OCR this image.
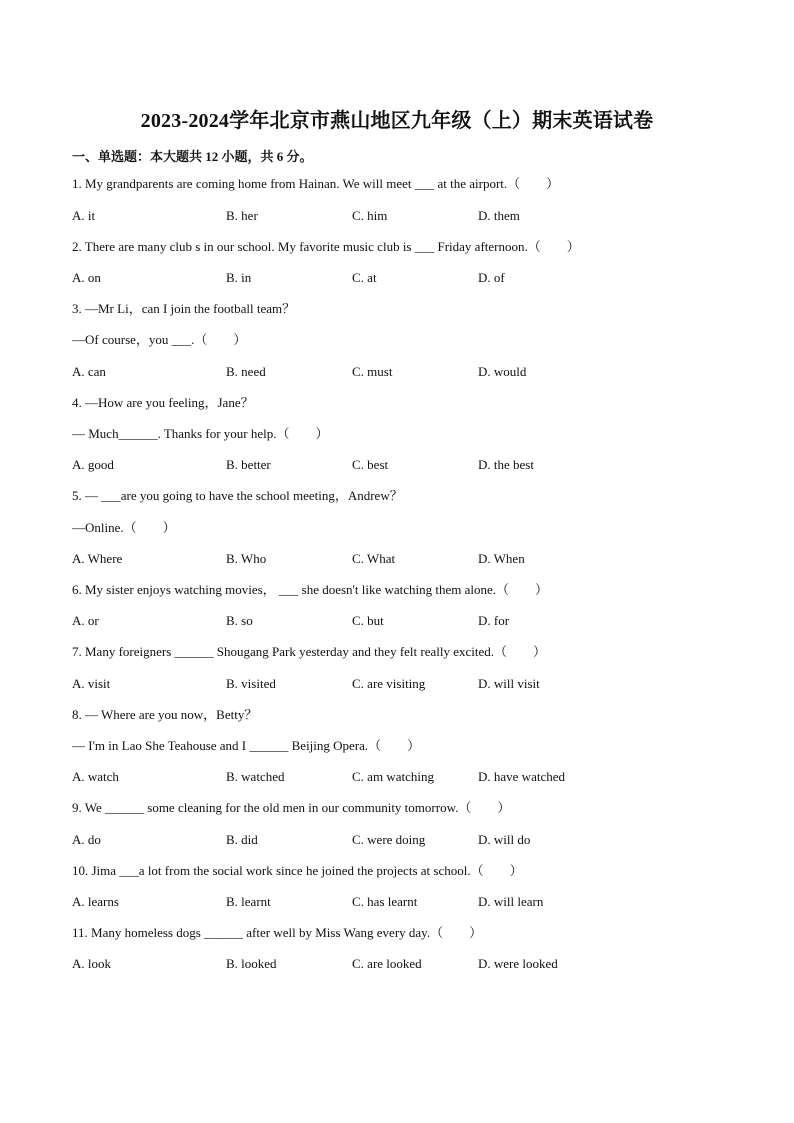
2023-2024学年北京市燕山地区九年级（上）期末英语试卷
一、单选题：本大题共 12 小题，共 6 分。
1. My grandparents are coming home from Hainan. We will meet ___ at the airport.（　　）
A. it	B. her	C. him	D. them
2. There are many club s in our school. My favorite music club is ___ Friday afternoon.（　　）
A. on	B. in	C. at	D. of
3. —Mr Li，can I join the football team？
—Of course，you ___.（　　）
A. can	B. need	C. must	D. would
4. —How are you feeling，Jane？
— Much______. Thanks for your help.（　　）
A. good	B. better	C. best	D. the best
5. — ___are you going to have the school meeting，Andrew？
—Online.（　　）
A. Where	B. Who	C. What	D. When
6. My sister enjoys watching movies， ___ she doesn't like watching them alone.（　　）
A. or	B. so	C. but	D. for
7. Many foreigners ______ Shougang Park yesterday and they felt really excited.（　　）
A. visit	B. visited	C. are visiting	D. will visit
8. — Where are you now，Betty？
— I'm in Lao She Teahouse and I ______ Beijing Opera.（　　）
A. watch	B. watched	C. am watching	D. have watched
9. We ______ some cleaning for the old men in our community tomorrow.（　　）
A. do	B. did	C. were doing	D. will do
10. Jima ___a lot from the social work since he joined the projects at school.（　　）
A. learns	B. learnt	C. has learnt	D. will learn
11. Many homeless dogs ______ after well by Miss Wang every day.（　　）
A. look	B. looked	C. are looked	D. were looked
